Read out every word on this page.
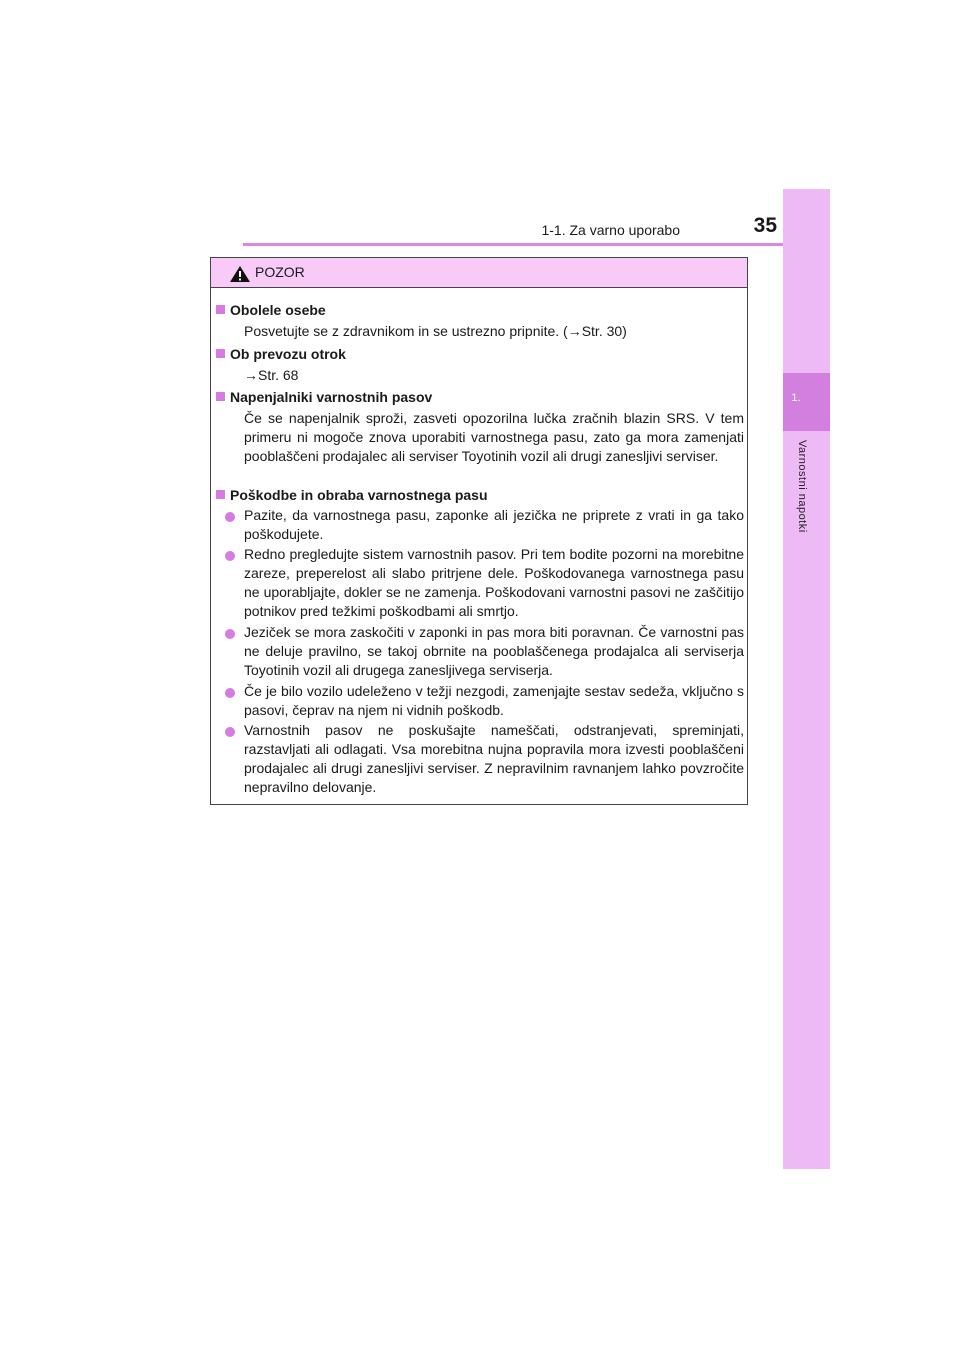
1-1. Za varno uporabo	35
1.
Varnostni napotki
POZOR
Obolele osebe
Posvetujte se z zdravnikom in se ustrezno pripnite. (→Str. 30)
Ob prevozu otrok
→Str. 68
Napenjalniki varnostnih pasov
Če se napenjalnik sproži, zasveti opozorilna lučka zračnih blazin SRS. V tem primeru ni mogoče znova uporabiti varnostnega pasu, zato ga mora zamenjati pooblaščeni prodajalec ali serviser Toyotinih vozil ali drugi zanesljivi serviser.
Poškodbe in obraba varnostnega pasu
Pazite, da varnostnega pasu, zaponke ali jezička ne priprete z vrati in ga tako poškodujete.
Redno pregledujte sistem varnostnih pasov. Pri tem bodite pozorni na morebitne zareze, preperelost ali slabo pritrjene dele. Poškodovanega varnostnega pasu ne uporabljajte, dokler se ne zamenja. Poškodovani varnostni pasovi ne zaščitijo potnikov pred težkimi poškodbami ali smrtjo.
Jeziček se mora zaskočiti v zaponki in pas mora biti poravnan. Če varnostni pas ne deluje pravilno, se takoj obrnite na pooblaščenega prodajalca ali serviserja Toyotinih vozil ali drugega zanesljivega serviserja.
Če je bilo vozilo udeleženo v težji nezgodi, zamenjajte sestav sedeža, vključno s pasovi, čeprav na njem ni vidnih poškodb.
Varnostnih pasov ne poskušajte nameščati, odstranjevati, spreminjati, razstavljati ali odlagati. Vsa morebitna nujna popravila mora izvesti pooblaščeni prodajalec ali drugi zanesljivi serviser. Z nepravilnim ravnanjem lahko povzročite nepravilno delovanje.
